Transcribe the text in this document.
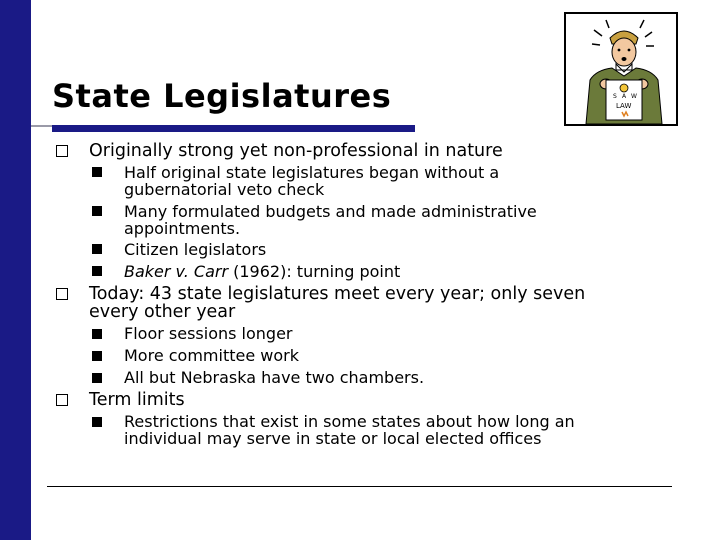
State Legislatures	S A W
LAW
Originally strong yet non-professional in nature
Half original state legislatures began without a
gubernatorial veto check
Many formulated budgets and made administrative
appointments.
Citizen legislators
Baker v. Carr (1962): turning point
Today: 43 state legislatures meet every year; only seven
every other year
Floor sessions longer
More committee work
All but Nebraska have two chambers.
Term limits
Restrictions that exist in some states about how long an
individual may serve in state or local elected offices
